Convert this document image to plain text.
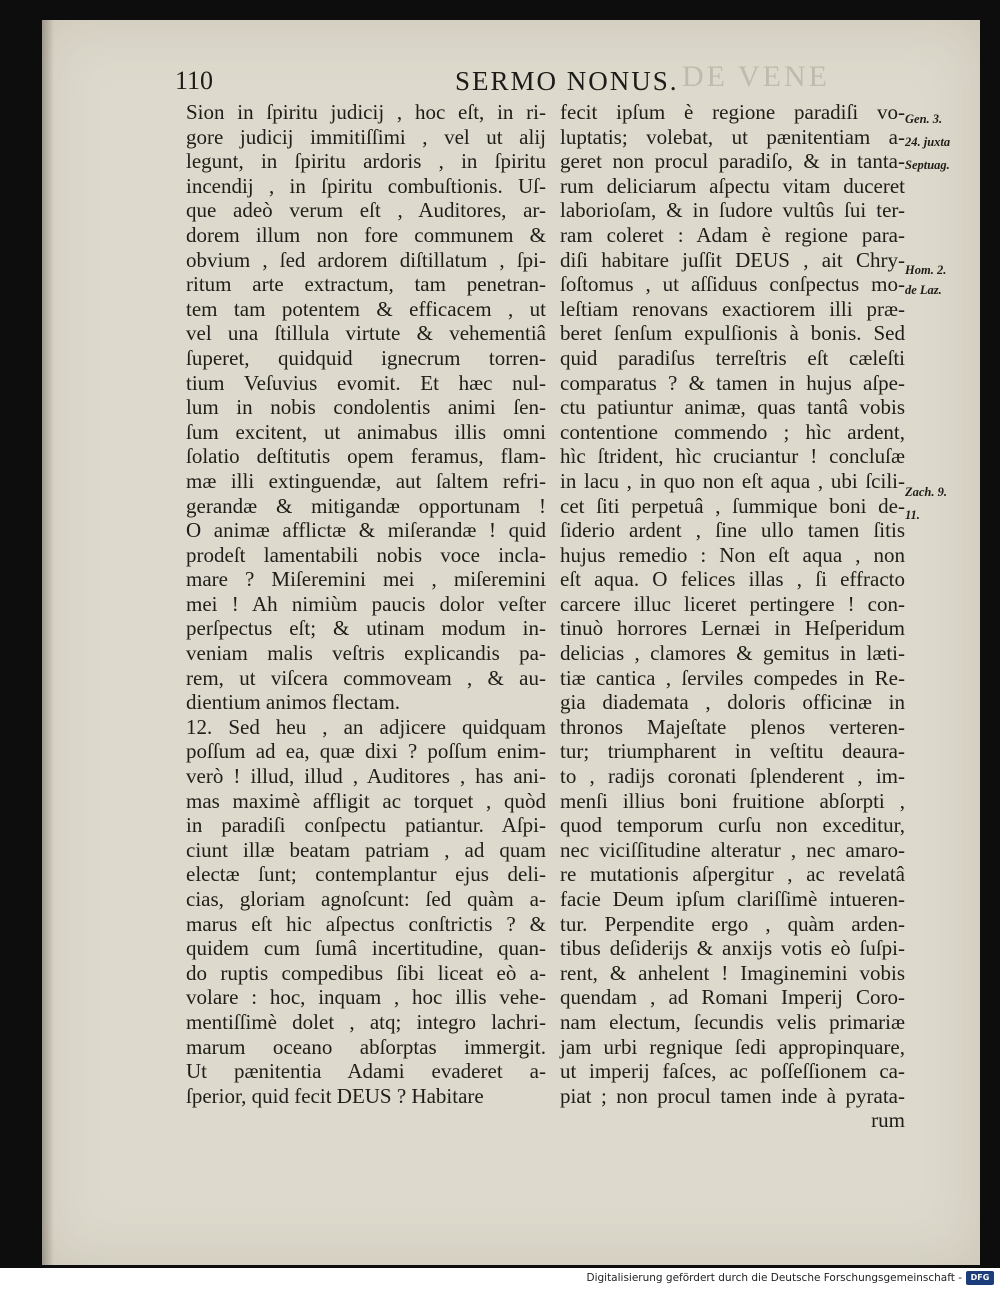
DE VENE
110	SERMO NONUS.
Sion in ſpiritu judicij , hoc eſt, in ri-
gore judicij immitiſſimi , vel ut alij
legunt, in ſpiritu ardoris , in ſpiritu
incendij , in ſpiritu combuſtionis. Uſ-
que adeò verum eſt , Auditores, ar-
dorem illum non fore communem &
obvium , ſed ardorem diſtillatum , ſpi-
ritum arte extractum, tam penetran-
tem tam potentem & efficacem , ut
vel una ſtillula virtute & vehementiâ
ſuperet, quidquid ignecrum torren-
tium Veſuvius evomit. Et hæc nul-
lum in nobis condolentis animi ſen-
ſum excitent, ut animabus illis omni
ſolatio deſtitutis opem feramus, flam-
mæ illi extinguendæ, aut ſaltem refri-
gerandæ & mitigandæ opportunam !
O animæ afflictæ & miſerandæ ! quid
prodeſt lamentabili nobis voce incla-
mare ? Miſeremini mei , miſeremini
mei ! Ah nimiùm paucis dolor veſter
perſpectus eſt; & utinam modum in-
veniam malis veſtris explicandis pa-
rem, ut viſcera commoveam , & au-
dientium animos flectam.
12. Sed heu , an adjicere quidquam
poſſum ad ea, quæ dixi ? poſſum enim-
verò ! illud, illud , Auditores , has ani-
mas maximè affligit ac torquet , quòd
in paradiſi conſpectu patiantur. Aſpi-
ciunt illæ beatam patriam , ad quam
electæ ſunt; contemplantur ejus deli-
cias, gloriam agnoſcunt: ſed quàm a-
marus eſt hic aſpectus conſtrictis ? &
quidem cum ſumâ incertitudine, quan-
do ruptis compedibus ſibi liceat eò a-
volare : hoc, inquam , hoc illis vehe-
mentiſſimè dolet , atq; integro lachri-
marum oceano abſorptas immergit.
Ut pænitentia Adami evaderet a-
ſperior, quid fecit DEUS ? Habitare
fecit ipſum è regione paradiſi vo-
luptatis; volebat, ut pænitentiam a-
geret non procul paradiſo, & in tanta-
rum deliciarum aſpectu vitam duceret
laborioſam, & in ſudore vultûs ſui ter-
ram coleret : Adam è regione para-
diſi habitare juſſit DEUS , ait Chry-
ſoſtomus , ut aſſiduus conſpectus mo-
leſtiam renovans exactiorem illi præ-
beret ſenſum expulſionis à bonis. Sed
quid paradiſus terreſtris eſt cæleſti
comparatus ? & tamen in hujus aſpe-
ctu patiuntur animæ, quas tantâ vobis
contentione commendo ; hìc ardent,
hìc ſtrident, hìc cruciantur ! concluſæ
in lacu , in quo non eſt aqua , ubi ſcili-
cet ſiti perpetuâ , ſummique boni de-
ſiderio ardent , ſine ullo tamen ſitis
hujus remedio : Non eſt aqua , non
eſt aqua. O felices illas , ſi effracto
carcere illuc liceret pertingere ! con-
tinuò horrores Lernæi in Heſperidum
delicias , clamores & gemitus in læti-
tiæ cantica , ſerviles compedes in Re-
gia diademata , doloris officinæ in
thronos Majeſtate plenos verteren-
tur; triumpharent in veſtitu deaura-
to , radijs coronati ſplenderent , im-
menſi illius boni fruitione abſorpti ,
quod temporum curſu non exceditur,
nec viciſſitudine alteratur , nec amaro-
re mutationis aſpergitur , ac revelatâ
facie Deum ipſum clariſſimè intueren-
tur. Perpendite ergo , quàm arden-
tibus deſiderijs & anxijs votis eò ſuſpi-
rent, & anhelent ! Imaginemini vobis
quendam , ad Romani Imperij Coro-
nam electum, ſecundis velis primariæ
jam urbi regnique ſedi appropinquare,
ut imperij faſces, ac poſſeſſionem ca-
piat ; non procul tamen inde à pyrata-
rum
Gen. 3.
24. juxta
Septuag.
Hom. 2.
de Laz.
Zach. 9.
11.
Digitalisierung gefördert durch die Deutsche Forschungsgemeinschaft -	DFG
